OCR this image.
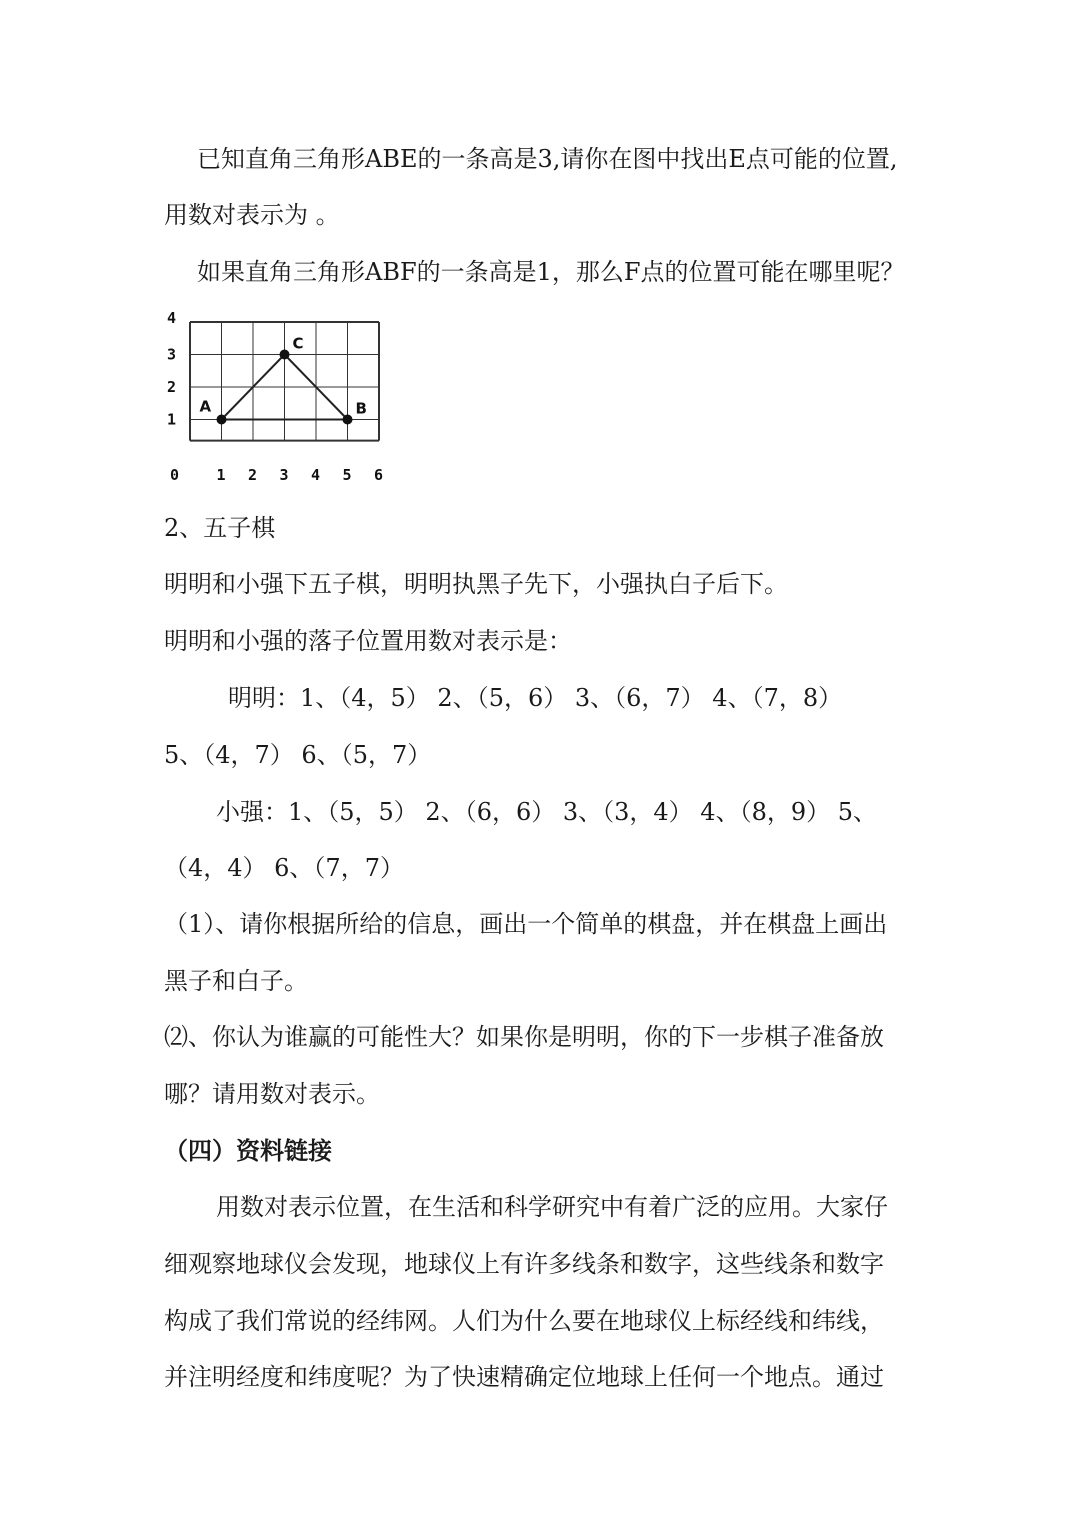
已知直角三角形ABE的一条高是3,请你在图中找出E点可能的位置,
用数对表示为 。
如果直角三角形ABF的一条高是1，那么F点的位置可能在哪里呢？
0 1 2 3 4 5 6
1
2
3
4
A	B
C
2、五子棋
明明和小强下五子棋，明明执黑子先下，小强执白子后下。
明明和小强的落子位置用数对表示是：
明明：1、（4，5） 2、（5，6） 3、（6，7） 4、（7，8）
5、（4，7） 6、（5，7）
小强：1、（5，5） 2、（6，6） 3、（3，4） 4、（8，9） 5、
（4，4） 6、（7，7）
（1）、请你根据所给的信息，画出一个简单的棋盘，并在棋盘上画出
黑子和白子。
⑵、你认为谁赢的可能性大？如果你是明明，你的下一步棋子准备放
哪？请用数对表示。
（四）资料链接
用数对表示位置，在生活和科学研究中有着广泛的应用。大家仔
细观察地球仪会发现，地球仪上有许多线条和数字，这些线条和数字
构成了我们常说的经纬网。人们为什么要在地球仪上标经线和纬线，
并注明经度和纬度呢？为了快速精确定位地球上任何一个地点。通过
